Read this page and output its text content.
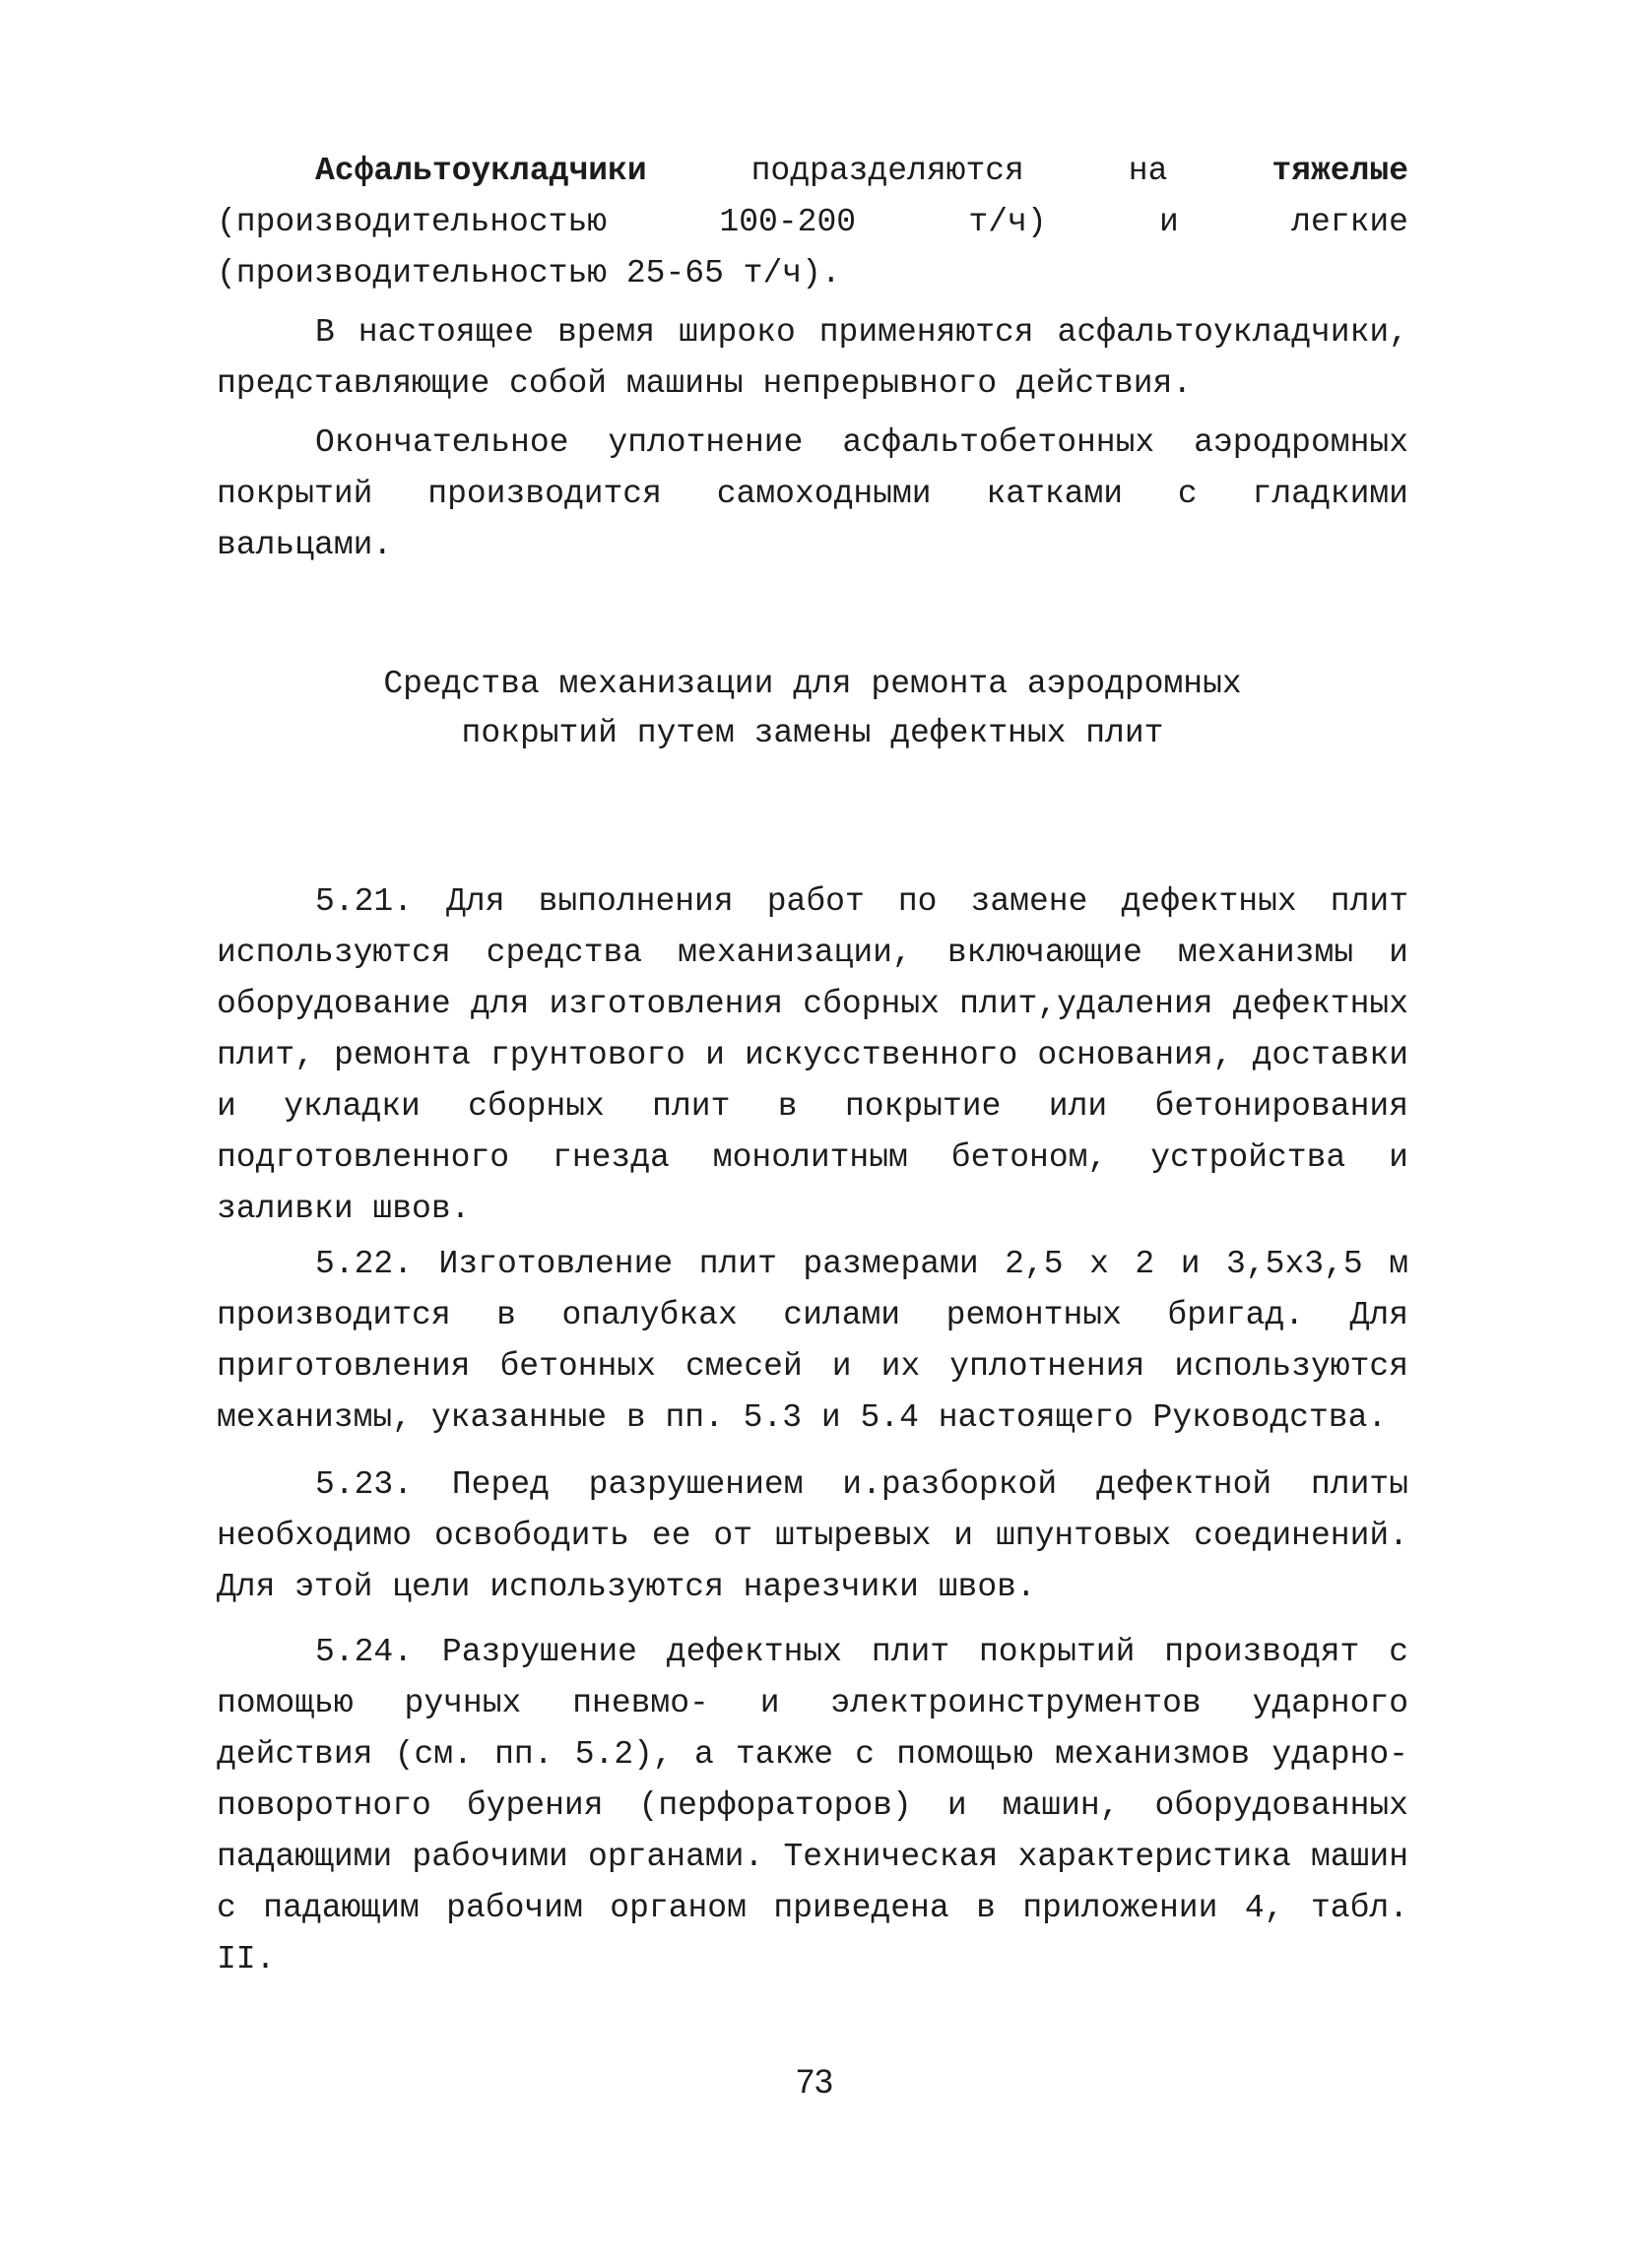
Асфальтоукладчики подразделяются на тяжелые (производительностью 100-200 т/ч) и легкие (производительностью 25-65 т/ч).

В настоящее время широко применяются асфальтоукладчики, представляющие собой машины непрерывного действия.

Окончательное уплотнение асфальтобетонных аэродромных покрытий производится самоходными катками с гладкими вальцами.

Средства механизации для ремонта аэродромных
покрытий путем замены дефектных плит

5.21. Для выполнения работ по замене дефектных плит используются средства механизации, включающие механизмы и оборудование для изготовления сборных плит,удаления дефектных плит, ремонта грунтового и искусственного основания, доставки и укладки сборных плит в покрытие или бетонирования подготовленного гнезда монолитным бетоном, устройства и заливки швов.

5.22. Изготовление плит размерами 2,5 x 2 и 3,5x3,5 м производится в опалубках силами ремонтных бригад. Для приготовления бетонных смесей и их уплотнения используются механизмы, указанные в пп. 5.3 и 5.4 настоящего Руководства.

5.23. Перед разрушением и.разборкой дефектной плиты необходимо освободить ее от штыревых и шпунтовых соединений. Для этой цели используются нарезчики швов.

5.24. Разрушение дефектных плит покрытий производят с помощью ручных пневмо- и электроинструментов ударного действия (см. пп. 5.2), а также с помощью механизмов ударно-поворотного бурения (перфораторов) и машин, оборудованных падающими рабочими органами. Техническая характеристика машин с падающим рабочим органом приведена в приложении 4, табл. II.

73
